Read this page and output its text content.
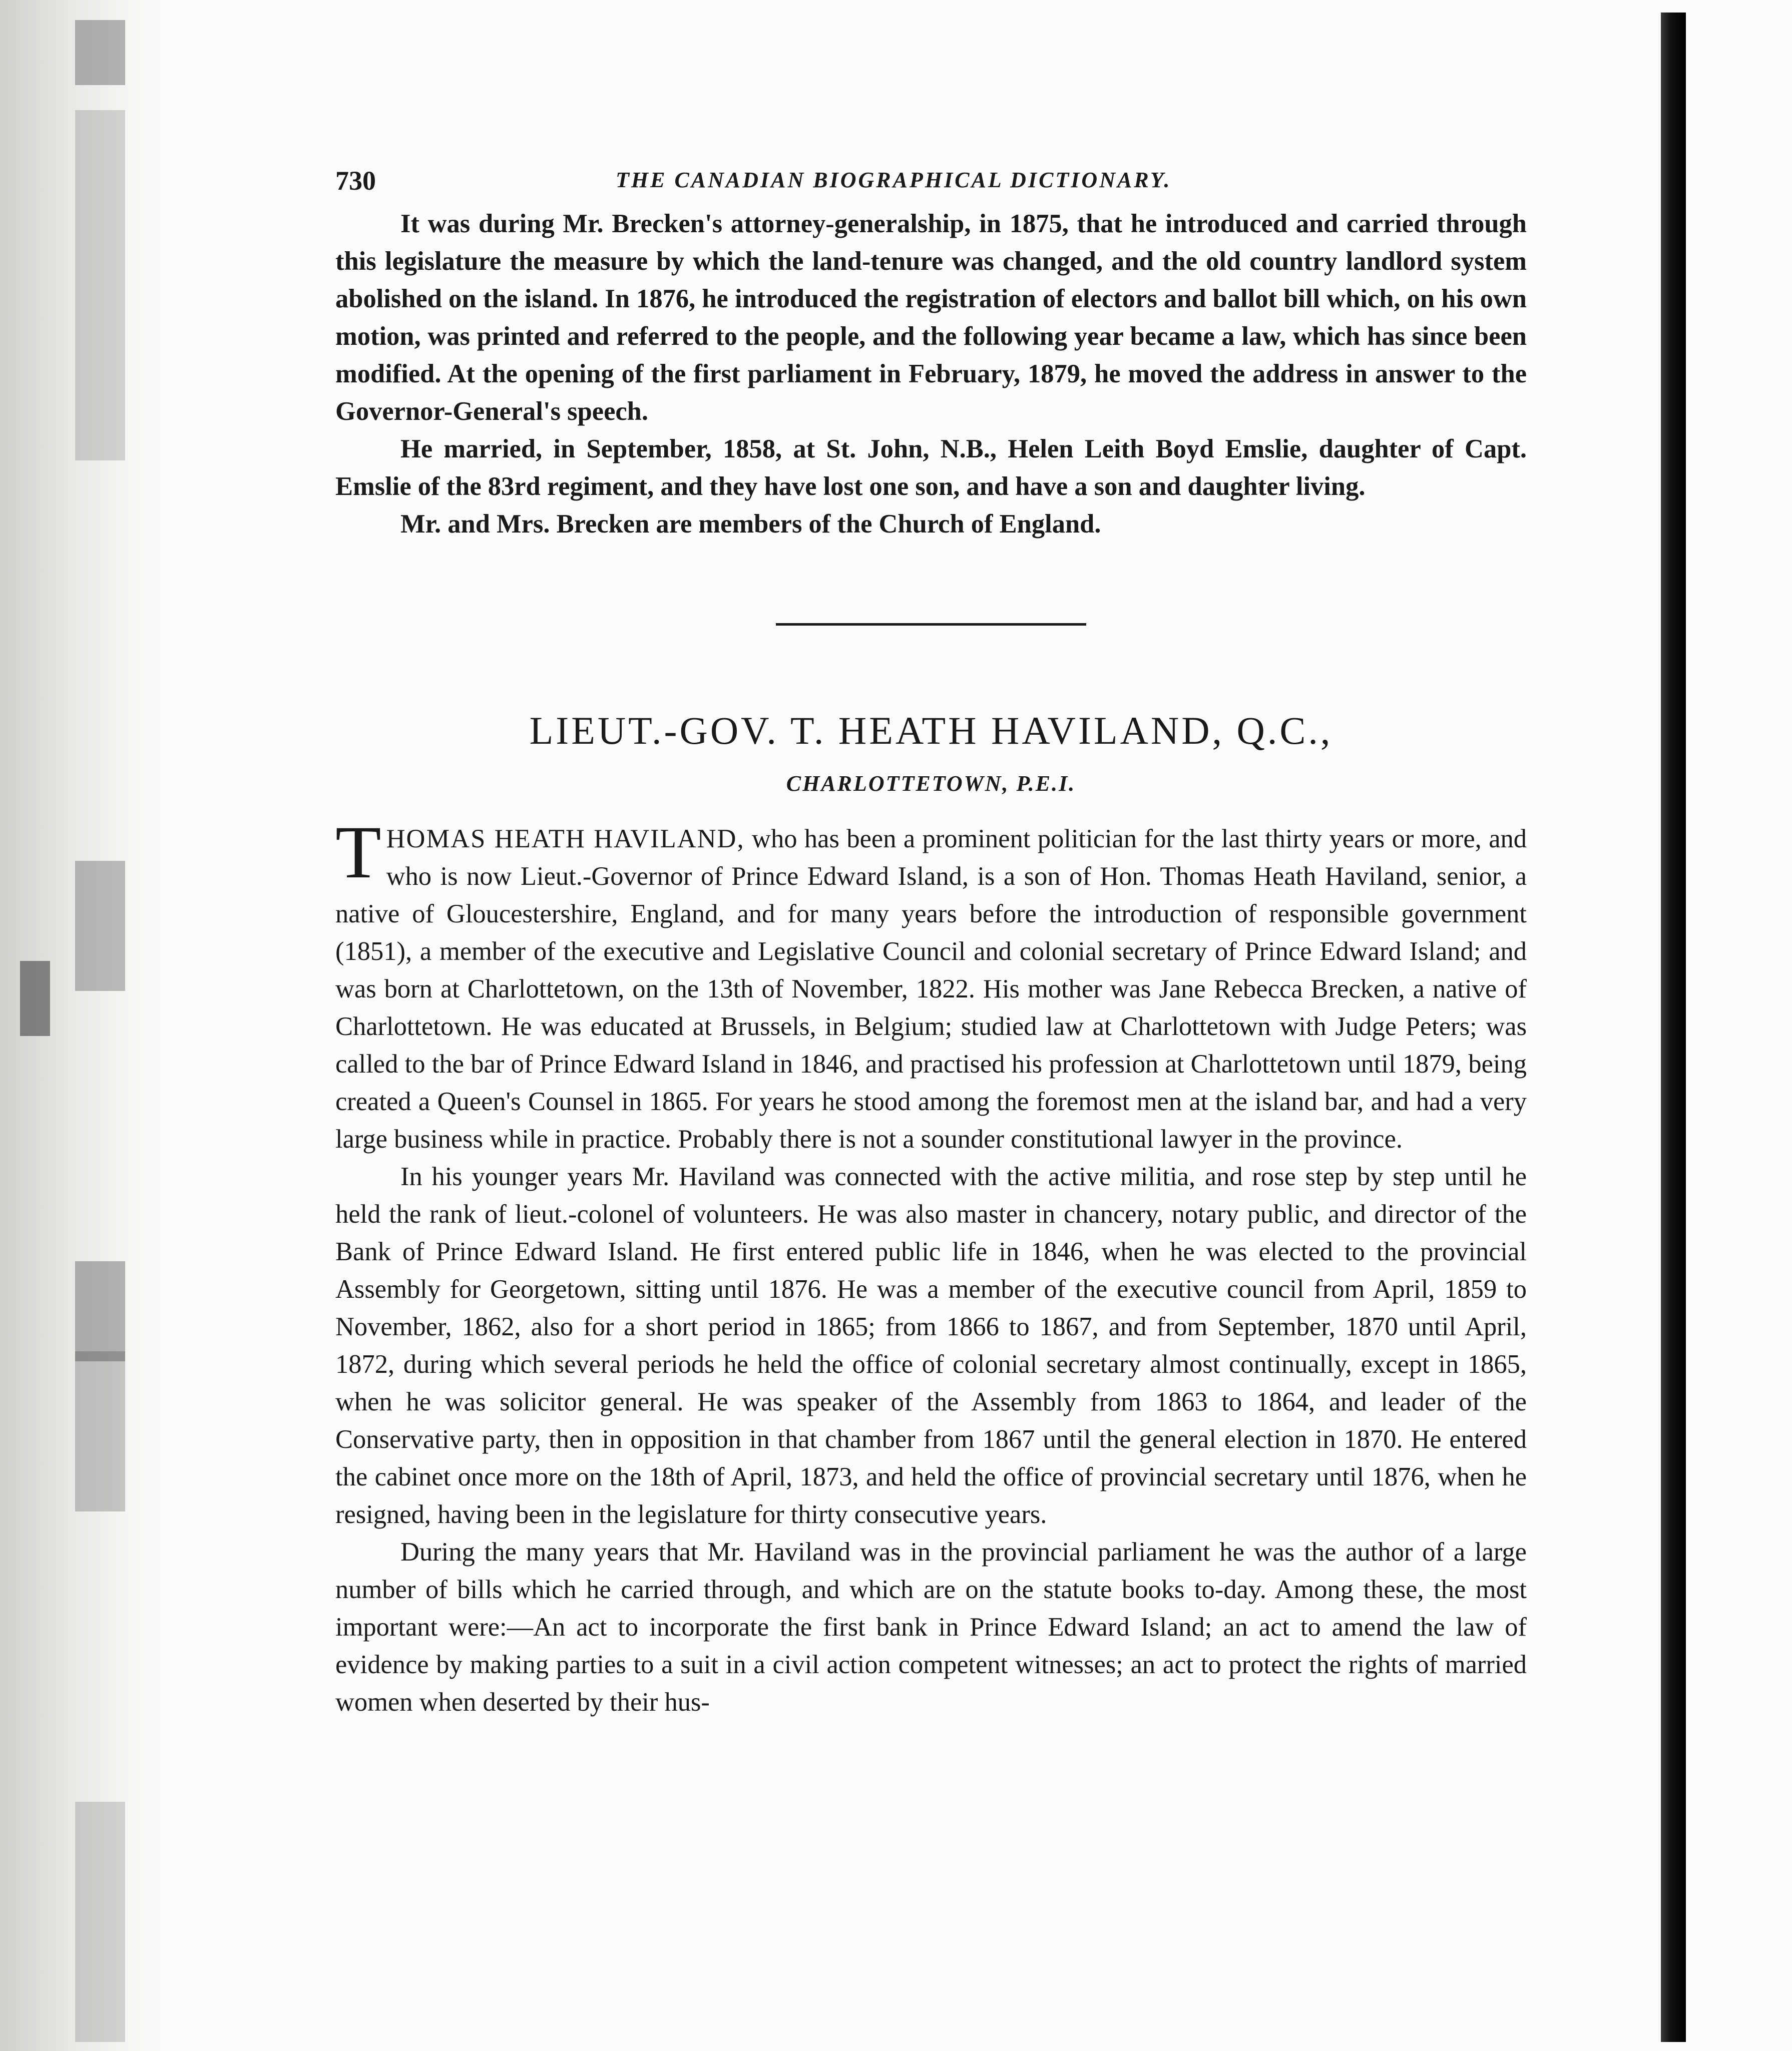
730	THE CANADIAN BIOGRAPHICAL DICTIONARY.

It was during Mr. Brecken's attorney-generalship, in 1875, that he introduced and carried through this legislature the measure by which the land-tenure was changed, and the old country landlord system abolished on the island. In 1876, he introduced the registration of electors and ballot bill which, on his own motion, was printed and referred to the people, and the following year became a law, which has since been modified. At the opening of the first parliament in February, 1879, he moved the address in answer to the Governor-General's speech.

He married, in September, 1858, at St. John, N.B., Helen Leith Boyd Emslie, daughter of Capt. Emslie of the 83rd regiment, and they have lost one son, and have a son and daughter living.

Mr. and Mrs. Brecken are members of the Church of England.

LIEUT.-GOV. T. HEATH HAVILAND, Q.C.,
CHARLOTTETOWN, P.E.I.

THOMAS HEATH HAVILAND, who has been a prominent politician for the last thirty years or more, and who is now Lieut.-Governor of Prince Edward Island, is a son of Hon. Thomas Heath Haviland, senior, a native of Gloucestershire, England, and for many years before the introduction of responsible government (1851), a member of the executive and Legislative Council and colonial secretary of Prince Edward Island; and was born at Charlottetown, on the 13th of November, 1822. His mother was Jane Rebecca Brecken, a native of Charlottetown. He was educated at Brussels, in Belgium; studied law at Charlottetown with Judge Peters; was called to the bar of Prince Edward Island in 1846, and practised his profession at Charlottetown until 1879, being created a Queen's Counsel in 1865. For years he stood among the foremost men at the island bar, and had a very large business while in practice. Probably there is not a sounder constitutional lawyer in the province.

In his younger years Mr. Haviland was connected with the active militia, and rose step by step until he held the rank of lieut.-colonel of volunteers. He was also master in chancery, notary public, and director of the Bank of Prince Edward Island. He first entered public life in 1846, when he was elected to the provincial Assembly for Georgetown, sitting until 1876. He was a member of the executive council from April, 1859 to November, 1862, also for a short period in 1865; from 1866 to 1867, and from September, 1870 until April, 1872, during which several periods he held the office of colonial secretary almost continually, except in 1865, when he was solicitor general. He was speaker of the Assembly from 1863 to 1864, and leader of the Conservative party, then in opposition in that chamber from 1867 until the general election in 1870. He entered the cabinet once more on the 18th of April, 1873, and held the office of provincial secretary until 1876, when he resigned, having been in the legislature for thirty consecutive years.

During the many years that Mr. Haviland was in the provincial parliament he was the author of a large number of bills which he carried through, and which are on the statute books to-day. Among these, the most important were:—An act to incorporate the first bank in Prince Edward Island; an act to amend the law of evidence by making parties to a suit in a civil action competent witnesses; an act to protect the rights of married women when deserted by their hus-
